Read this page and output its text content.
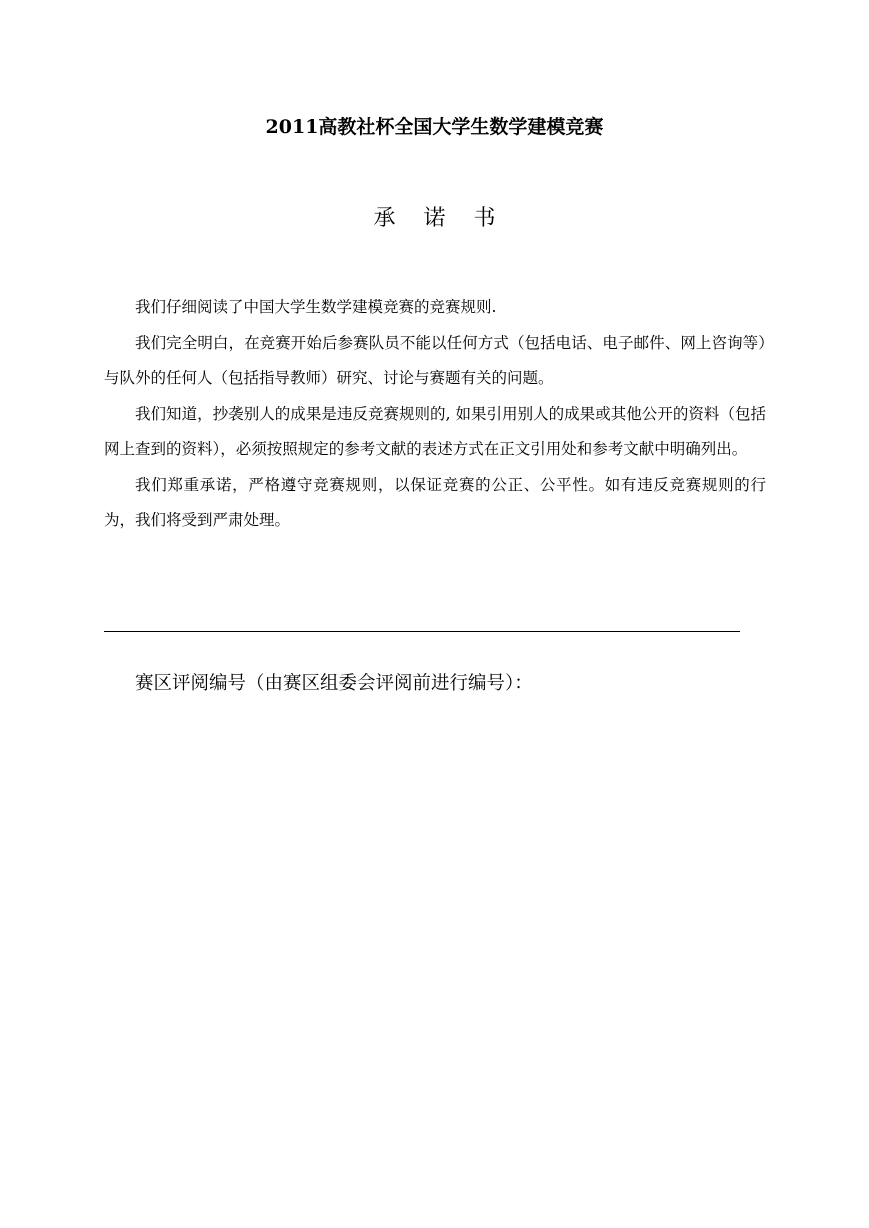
2011高教社杯全国大学生数学建模竞赛
承 诺 书

我们仔细阅读了中国大学生数学建模竞赛的竞赛规则.

我们完全明白，在竞赛开始后参赛队员不能以任何方式（包括电话、电子邮件、网上咨询等）与队外的任何人（包括指导教师）研究、讨论与赛题有关的问题。

我们知道，抄袭别人的成果是违反竞赛规则的, 如果引用别人的成果或其他公开的资料（包括网上查到的资料），必须按照规定的参考文献的表述方式在正文引用处和参考文献中明确列出。

我们郑重承诺，严格遵守竞赛规则，以保证竞赛的公正、公平性。如有违反竞赛规则的行为，我们将受到严肃处理。

赛区评阅编号（由赛区组委会评阅前进行编号）：
